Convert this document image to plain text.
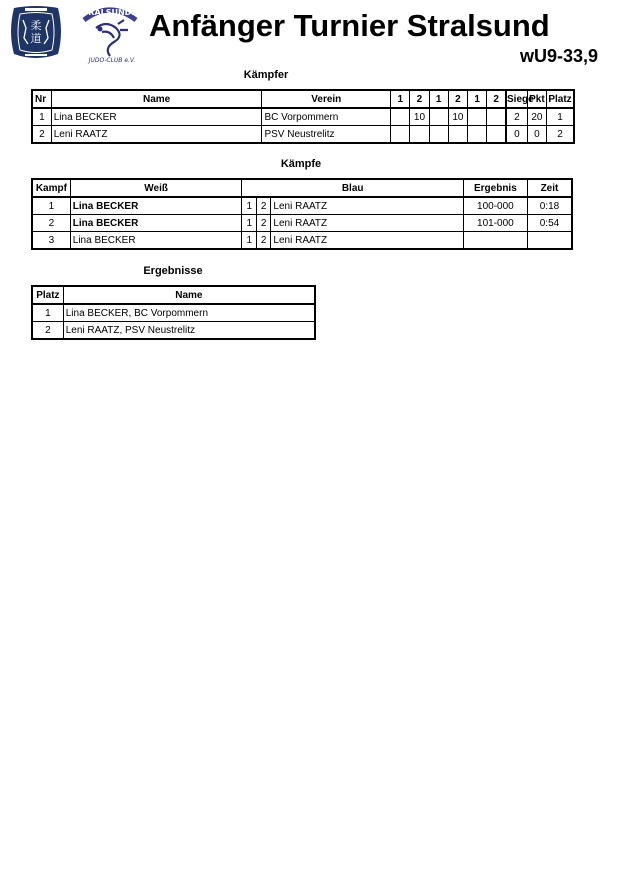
柔
道
STRALSUNDER
JUDO-CLUB e.V.
Anfänger Turnier Stralsund
wU9-33,9
Kämpfer
Nr	Name	Verein	1	2	1	2	1	2	Siege	Pkt	Platz
1	Lina BECKER	BC Vorpommern		10		10			2	20	1
2	Leni RAATZ	PSV Neustrelitz							0	0	2
Kämpfe
Kampf	Weiß	Blau			Ergebnis	Zeit
1	Lina BECKER	1	2	Leni RAATZ	100-000	0:18
2	Lina BECKER	1	2	Leni RAATZ	101-000	0:54
3	Lina BECKER	1	2	Leni RAATZ		
Ergebnisse
Platz	Name
1	Lina BECKER, BC Vorpommern
2	Leni RAATZ, PSV Neustrelitz
